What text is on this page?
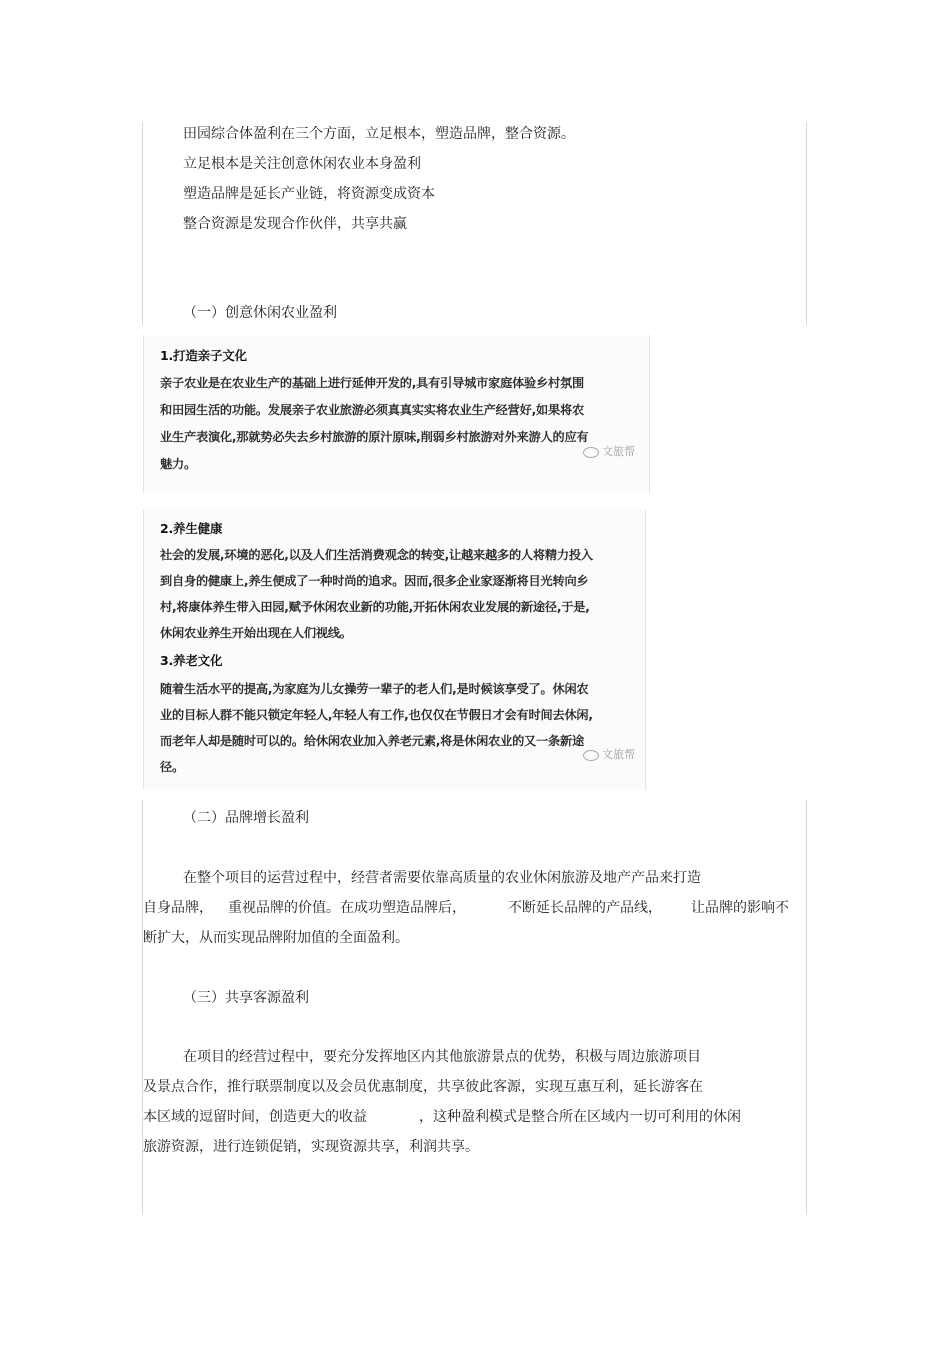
田园综合体盈利在三个方面，立足根本，塑造品牌，整合资源。
立足根本是关注创意休闲农业本身盈利
塑造品牌是延长产业链，将资源变成资本
整合资源是发现合作伙伴，共享共赢
（一）创意休闲农业盈利
1.打造亲子文化
亲子农业是在农业生产的基础上进行延伸开发的,具有引导城市家庭体验乡村氛围
和田园生活的功能。发展亲子农业旅游必须真真实实将农业生产经营好,如果将农
业生产表演化,那就势必失去乡村旅游的原汁原味,削弱乡村旅游对外来游人的应有
魅力。
文旅帮
2.养生健康
社会的发展,环境的恶化,以及人们生活消费观念的转变,让越来越多的人将精力投入
到自身的健康上,养生便成了一种时尚的追求。因而,很多企业家逐渐将目光转向乡
村,将康体养生带入田园,赋予休闲农业新的功能,开拓休闲农业发展的新途径,于是,
休闲农业养生开始出现在人们视线。
3.养老文化
随着生活水平的提高,为家庭为儿女操劳一辈子的老人们,是时候该享受了。休闲农
业的目标人群不能只锁定年轻人,年轻人有工作,也仅仅在节假日才会有时间去休闲,
而老年人却是随时可以的。给休闲农业加入养老元素,将是休闲农业的又一条新途
径。
文旅帮
（二）品牌增长盈利
在整个项目的运营过程中，经营者需要依靠高质量的农业休闲旅游及地产产品来打造
自身品牌， 重视品牌的价值。在成功塑造品牌后，	不断延长品牌的产品线， 让品牌的影响不
断扩大，从而实现品牌附加值的全面盈利。
（三）共享客源盈利
在项目的经营过程中，要充分发挥地区内其他旅游景点的优势，积极与周边旅游项目
及景点合作，推行联票制度以及会员优惠制度，共享彼此客源，实现互惠互利，延长游客在
本区域的逗留时间，创造更大的收益	，这种盈利模式是整合所在区域内一切可利用的休闲
旅游资源，进行连锁促销，实现资源共享，利润共享。
